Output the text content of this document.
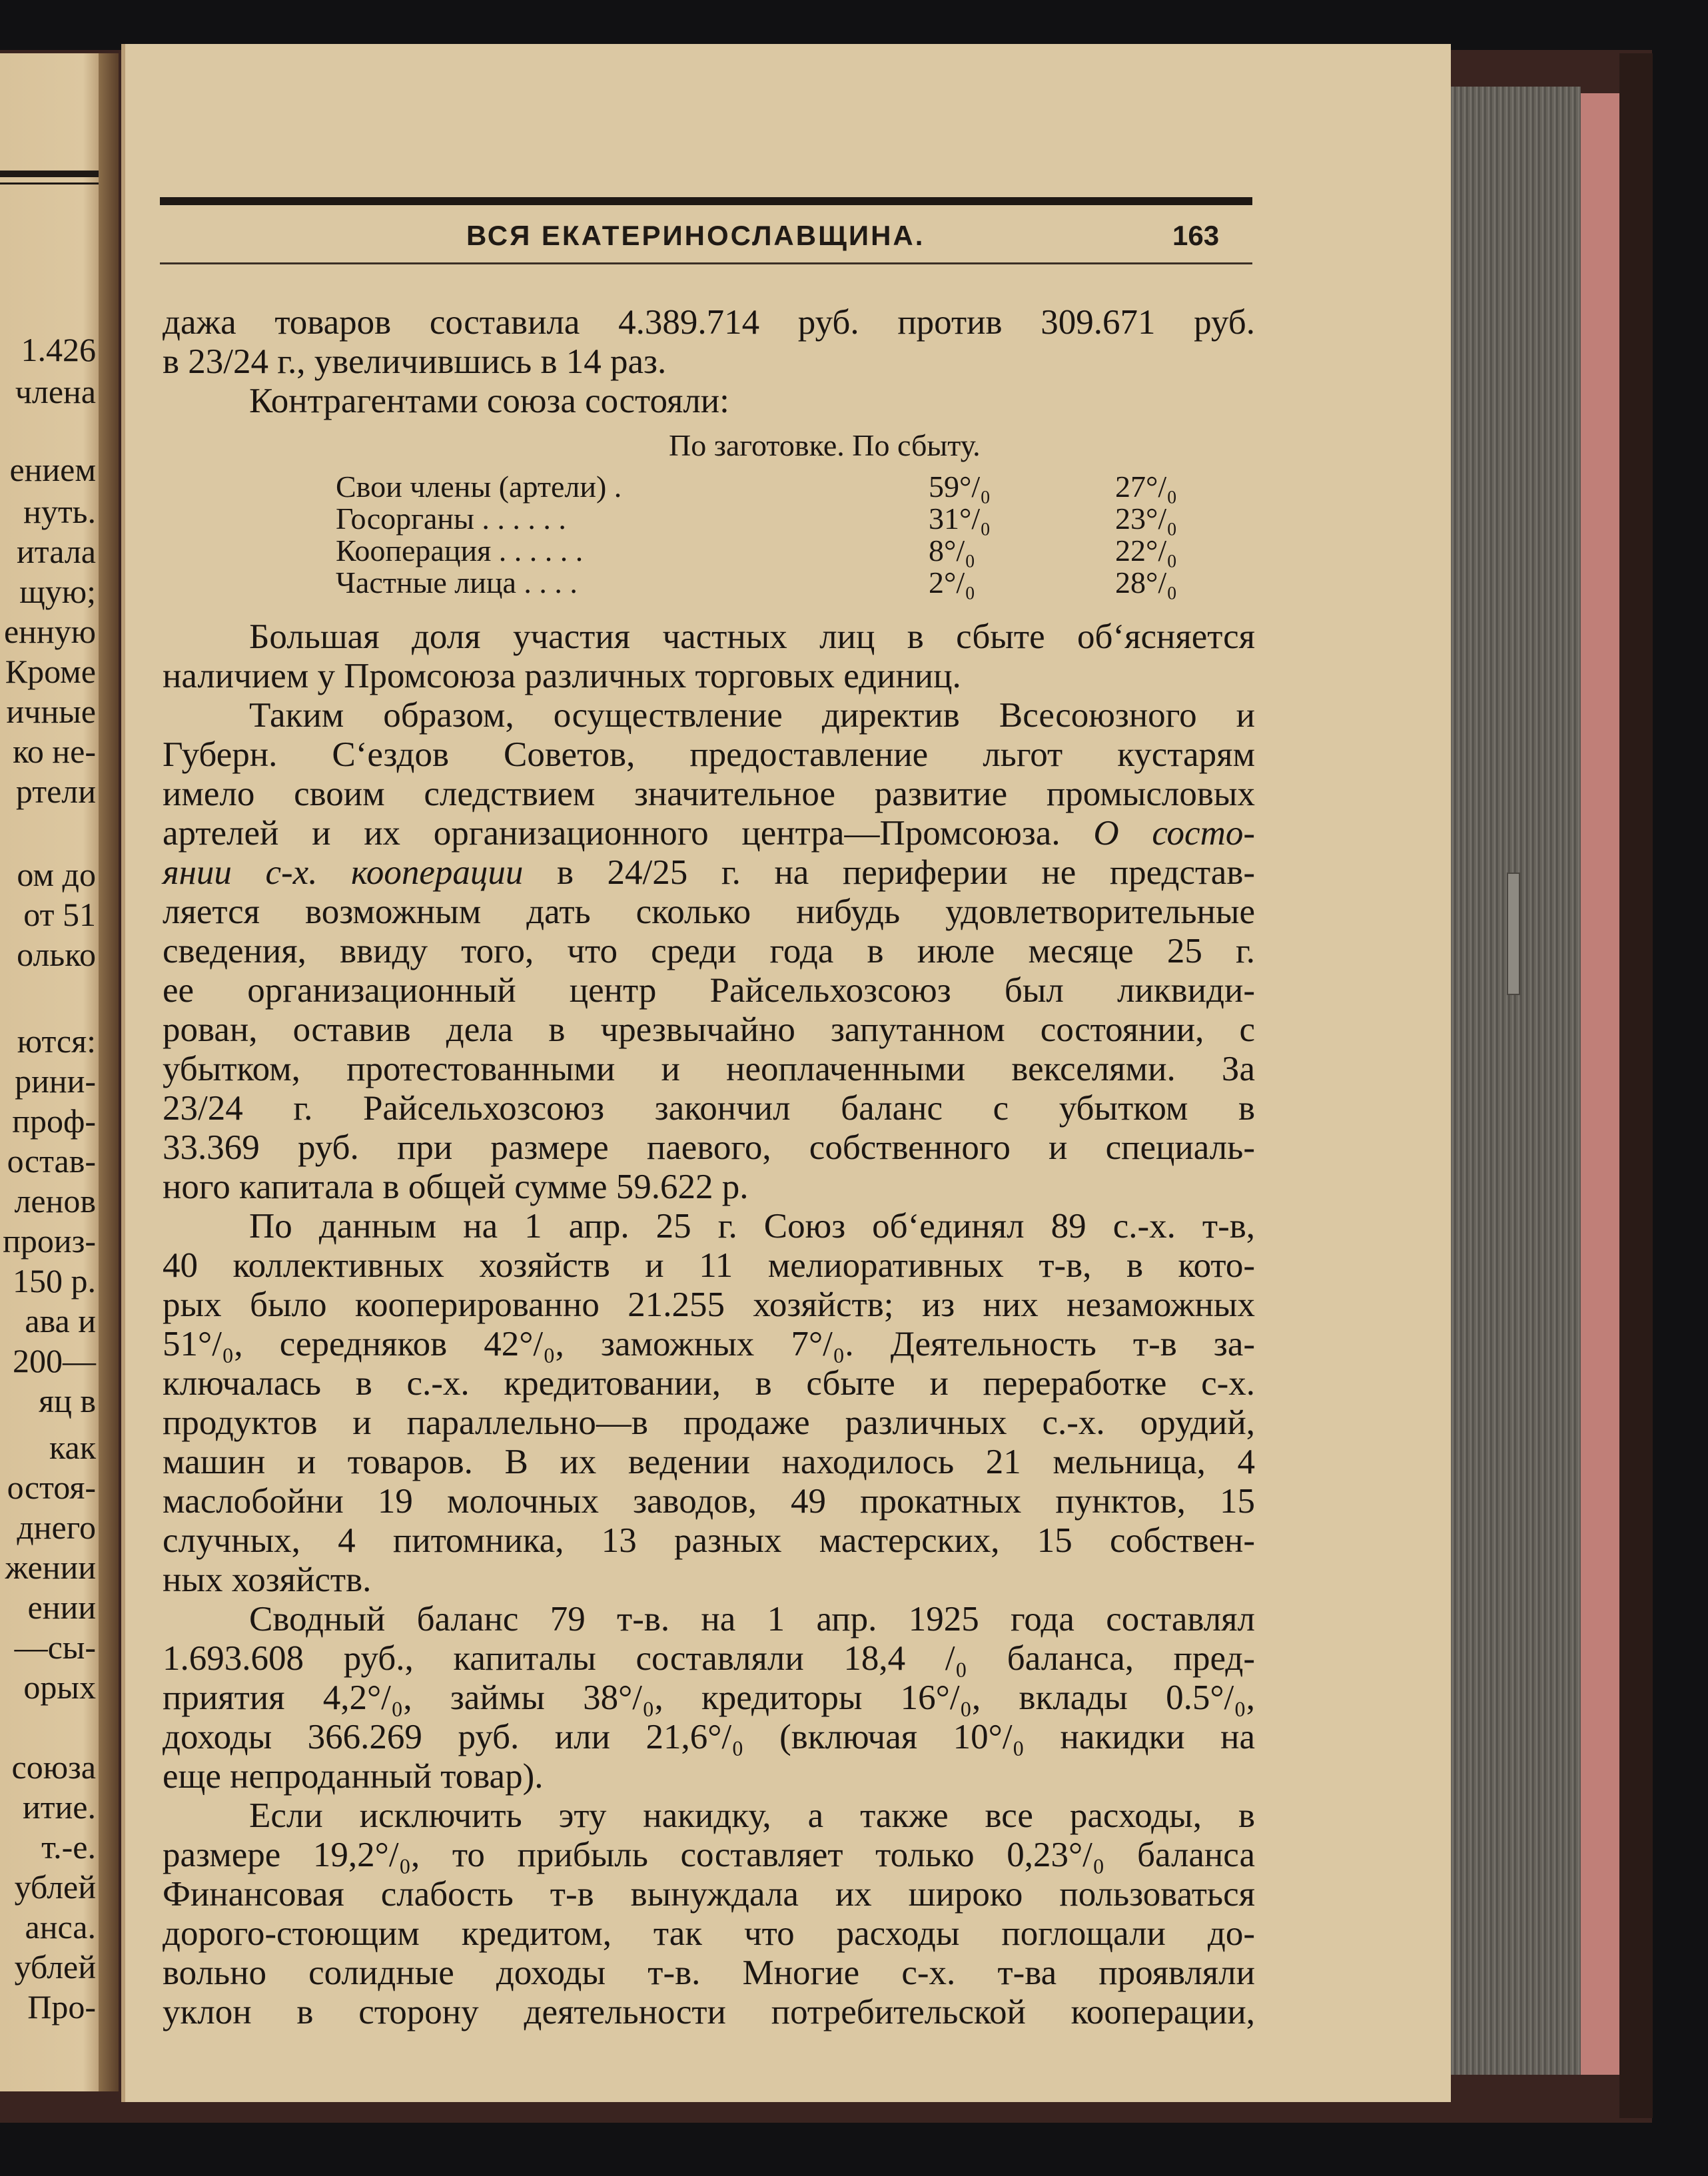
1.426
члена
ением
нуть.
итала
щую;
енную
Кроме
ичные
ко не-
ртели
ом до
от 51
олько
ются:
рини-
проф-
остав-
ленов
произ-
150 р.
ава и
200—
яц в
как
остоя-
днего
жении
ении
—сы-
орых
союза
итие.
т.-е.
ублей
анса.
ублей
Про-
ВСЯ ЕКАТЕРИНОСЛАВЩИНА.	163
дажа товаров составила 4.389.714 руб. против 309.671 руб.
в 23/24 г., увеличившись в 14 раз.
Контрагентами союза состояли:
По заготовке. По сбыту.
Свои члены (артели) .	59°/₀	27°/₀
Госорганы . . . . . .	31°/₀	23°/₀
Кооперация . . . . . .	8°/₀	22°/₀
Частные лица . . . .	2°/₀	28°/₀
Большая доля участия частных лиц в сбыте об‘ясняется
наличием у Промсоюза различных торговых единиц.
Таким образом, осуществление директив Всесоюзного и
Губерн. С‘ездов Советов, предоставление льгот кустарям
имело своим следствием значительное развитие промысловых
артелей и их организационного центра—Промсоюза. О состо-
янии с-х. кооперации в 24/25 г. на периферии не представ-
ляется возможным дать сколько нибудь удовлетворительные
сведения, ввиду того, что среди года в июле месяце 25 г.
ее организационный центр Райсельхозсоюз был ликвиди-
рован, оставив дела в чрезвычайно запутанном состоянии, с
убытком, протестованными и неоплаченными векселями. За
23/24 г. Райсельхозсоюз закончил баланс с убытком в
33.369 руб. при размере паевого, собственного и специаль-
ного капитала в общей сумме 59.622 р.
По данным на 1 апр. 25 г. Союз об‘единял 89 с.-х. т-в,
40 коллективных хозяйств и 11 мелиоративных т-в, в кото-
рых было кооперированно 21.255 хозяйств; из них незаможных
51°/₀, середняков 42°/₀, заможных 7°/₀. Деятельность т-в за-
ключалась в с.-х. кредитовании, в сбыте и переработке с-х.
продуктов и параллельно—в продаже различных с.-х. орудий,
машин и товаров. В их ведении находилось 21 мельница, 4
маслобойни 19 молочных заводов, 49 прокатных пунктов, 15
случных, 4 питомника, 13 разных мастерских, 15 собствен-
ных хозяйств.
Сводный баланс 79 т-в. на 1 апр. 1925 года составлял
1.693.608 руб., капиталы составляли 18,4 /₀ баланса, пред-
приятия 4,2°/₀, займы 38°/₀, кредиторы 16°/₀, вклады 0.5°/₀,
доходы 366.269 руб. или 21,6°/₀ (включая 10°/₀ накидки на
еще непроданный товар).
Если исключить эту накидку, а также все расходы, в
размере 19,2°/₀, то прибыль составляет только 0,23°/₀ баланса
Финансовая слабость т-в вынуждала их широко пользоваться
дорого-стоющим кредитом, так что расходы поглощали до-
вольно солидные доходы т-в. Многие с-х. т-ва проявляли
уклон в сторону деятельности потребительской кооперации,
